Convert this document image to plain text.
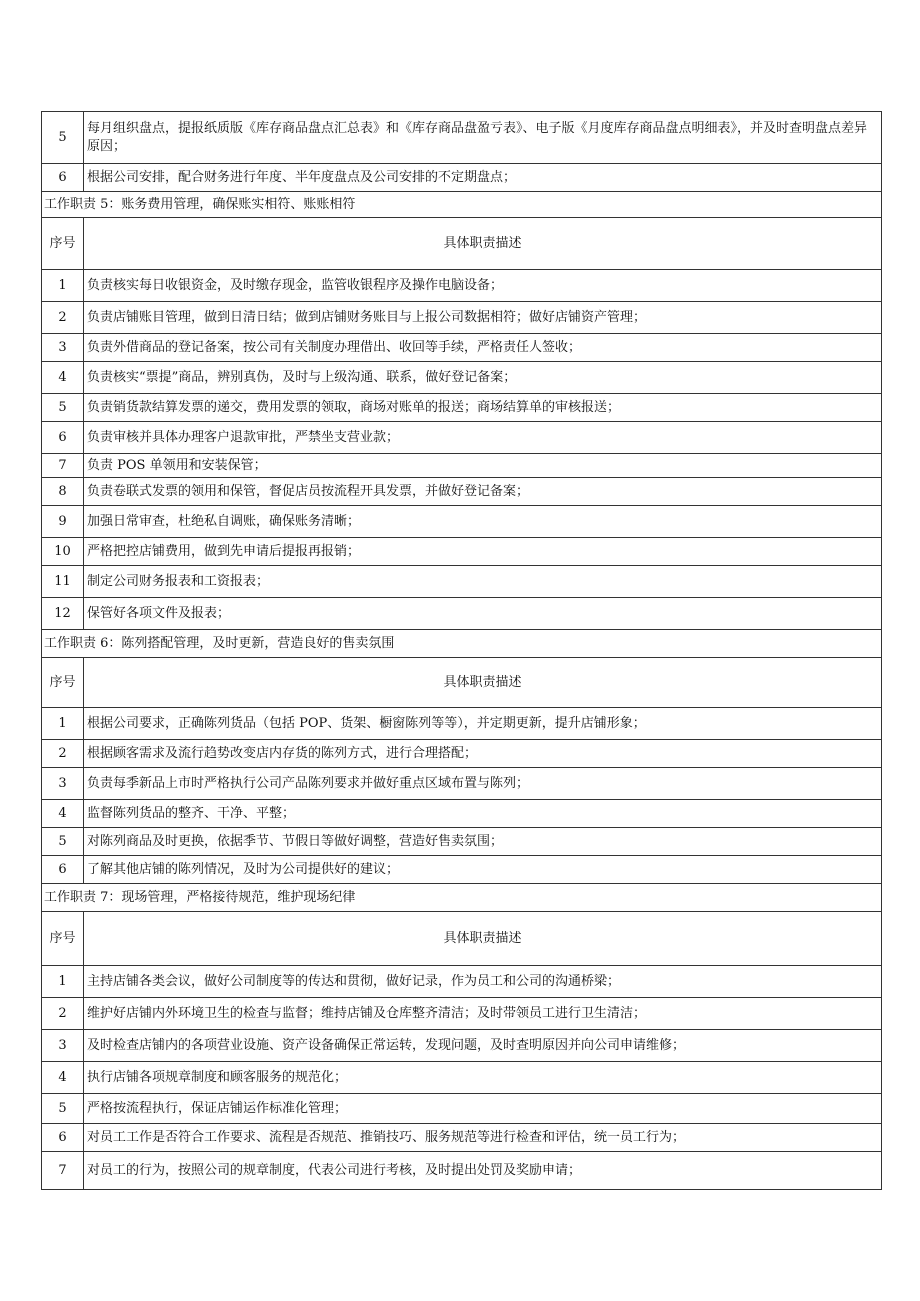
5	每月组织盘点，提报纸质版《库存商品盘点汇总表》和《库存商品盘盈亏表》、电子版《月度库存商品盘点明细表》，并及时查明盘点差异原因；
6	根据公司安排，配合财务进行年度、半年度盘点及公司安排的不定期盘点；
工作职责 5：账务费用管理，确保账实相符、账账相符	
序号	具体职责描述
1	负责核实每日收银资金，及时缴存现金，监管收银程序及操作电脑设备；
2	负责店铺账目管理，做到日清日结；做到店铺财务账目与上报公司数据相符；做好店铺资产管理；
3	负责外借商品的登记备案，按公司有关制度办理借出、收回等手续，严格责任人签收；
4	负责核实“票提”商品，辨别真伪，及时与上级沟通、联系，做好登记备案；
5	负责销货款结算发票的递交，费用发票的领取，商场对账单的报送；商场结算单的审核报送；
6	负责审核并具体办理客户退款审批，严禁坐支营业款；
7	负责 POS 单领用和安装保管；
8	负责卷联式发票的领用和保管，督促店员按流程开具发票，并做好登记备案；
9	加强日常审查，杜绝私自调账，确保账务清晰；
10	严格把控店铺费用，做到先申请后提报再报销；
11	制定公司财务报表和工资报表；
12	保管好各项文件及报表；
工作职责 6：陈列搭配管理，及时更新，营造良好的售卖氛围	
序号	具体职责描述
1	根据公司要求，正确陈列货品（包括 POP、货架、橱窗陈列等等），并定期更新，提升店铺形象；
2	根据顾客需求及流行趋势改变店内存货的陈列方式，进行合理搭配；
3	负责每季新品上市时严格执行公司产品陈列要求并做好重点区域布置与陈列；
4	监督陈列货品的整齐、干净、平整；
5	对陈列商品及时更换，依据季节、节假日等做好调整，营造好售卖氛围；
6	了解其他店铺的陈列情况，及时为公司提供好的建议；
工作职责 7：现场管理，严格接待规范，维护现场纪律	
序号	具体职责描述
1	主持店铺各类会议，做好公司制度等的传达和贯彻，做好记录，作为员工和公司的沟通桥梁；
2	维护好店铺内外环境卫生的检查与监督；维持店铺及仓库整齐清洁；及时带领员工进行卫生清洁；
3	及时检查店铺内的各项营业设施、资产设备确保正常运转，发现问题，及时查明原因并向公司申请维修；
4	执行店铺各项规章制度和顾客服务的规范化；
5	严格按流程执行，保证店铺运作标准化管理；
6	对员工工作是否符合工作要求、流程是否规范、推销技巧、服务规范等进行检查和评估，统一员工行为；
7	对员工的行为，按照公司的规章制度，代表公司进行考核，及时提出处罚及奖励申请；
